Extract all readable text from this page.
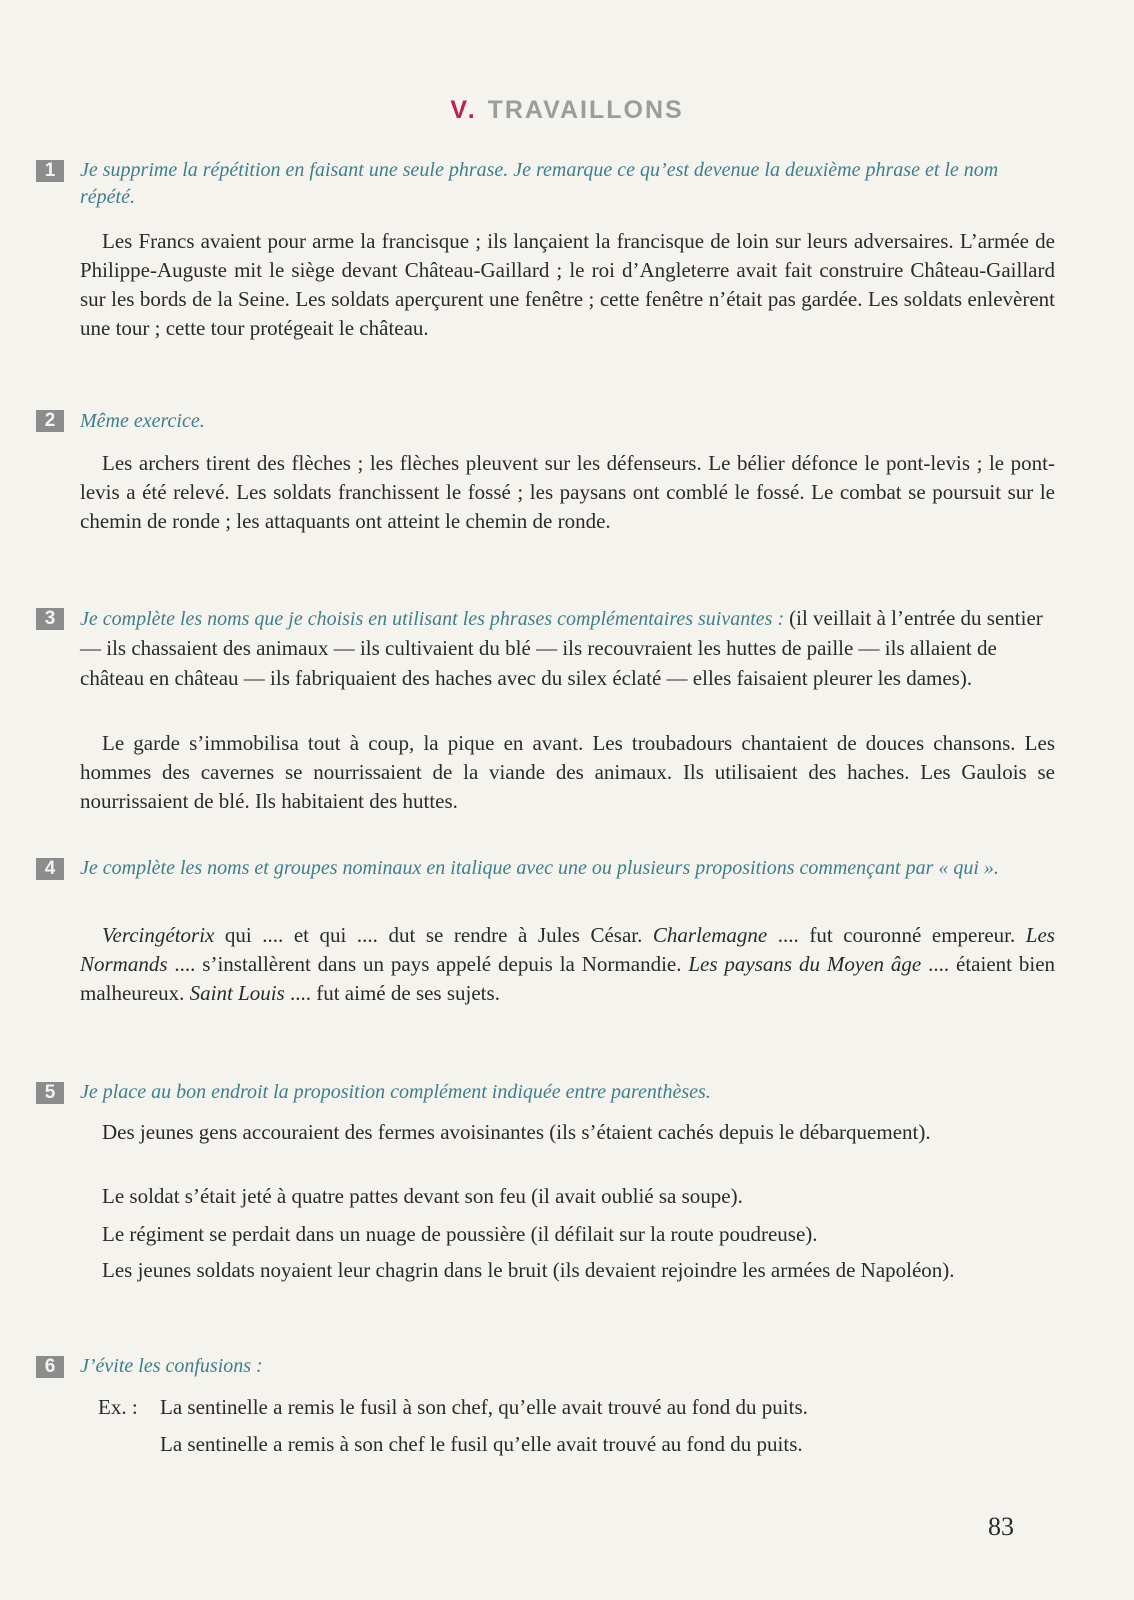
V. TRAVAILLONS
1	Je supprime la répétition en faisant une seule phrase. Je remarque ce qu’est devenue la deuxième phrase et le nom répété.
Les Francs avaient pour arme la francisque ; ils lançaient la francisque de loin sur leurs adversaires. L’armée de Philippe-Auguste mit le siège devant Château-Gaillard ; le roi d’Angleterre avait fait construire Château-Gaillard sur les bords de la Seine. Les soldats aperçurent une fenêtre ; cette fenêtre n’était pas gardée. Les soldats enlevèrent une tour ; cette tour protégeait le château.
2	Même exercice.
Les archers tirent des flèches ; les flèches pleuvent sur les défenseurs. Le bélier défonce le pont-levis ; le pont-levis a été relevé. Les soldats franchissent le fossé ; les paysans ont comblé le fossé. Le combat se poursuit sur le chemin de ronde ; les attaquants ont atteint le chemin de ronde.
3	Je complète les noms que je choisis en utilisant les phrases complémentaires suivantes : (il veillait à l’entrée du sentier — ils chassaient des animaux — ils cultivaient du blé — ils recouvraient les huttes de paille — ils allaient de château en château — ils fabriquaient des haches avec du silex éclaté — elles faisaient pleurer les dames).
Le garde s’immobilisa tout à coup, la pique en avant. Les troubadours chantaient de douces chansons. Les hommes des cavernes se nourrissaient de la viande des animaux. Ils utilisaient des haches. Les Gaulois se nourrissaient de blé. Ils habitaient des huttes.
4	Je complète les noms et groupes nominaux en italique avec une ou plusieurs propositions commençant par « qui ».
Vercingétorix qui .... et qui .... dut se rendre à Jules César. Charlemagne .... fut couronné empereur. Les Normands .... s’installèrent dans un pays appelé depuis la Normandie. Les paysans du Moyen âge .... étaient bien malheureux. Saint Louis .... fut aimé de ses sujets.
5	Je place au bon endroit la proposition complément indiquée entre parenthèses.
Des jeunes gens accouraient des fermes avoisinantes (ils s’étaient cachés depuis le débarquement).
Le soldat s’était jeté à quatre pattes devant son feu (il avait oublié sa soupe).
Le régiment se perdait dans un nuage de poussière (il défilait sur la route poudreuse).
Les jeunes soldats noyaient leur chagrin dans le bruit (ils devaient rejoindre les armées de Napoléon).
6	J’évite les confusions :
Ex. : La sentinelle a remis le fusil à son chef, qu’elle avait trouvé au fond du puits.
La sentinelle a remis à son chef le fusil qu’elle avait trouvé au fond du puits.
83
